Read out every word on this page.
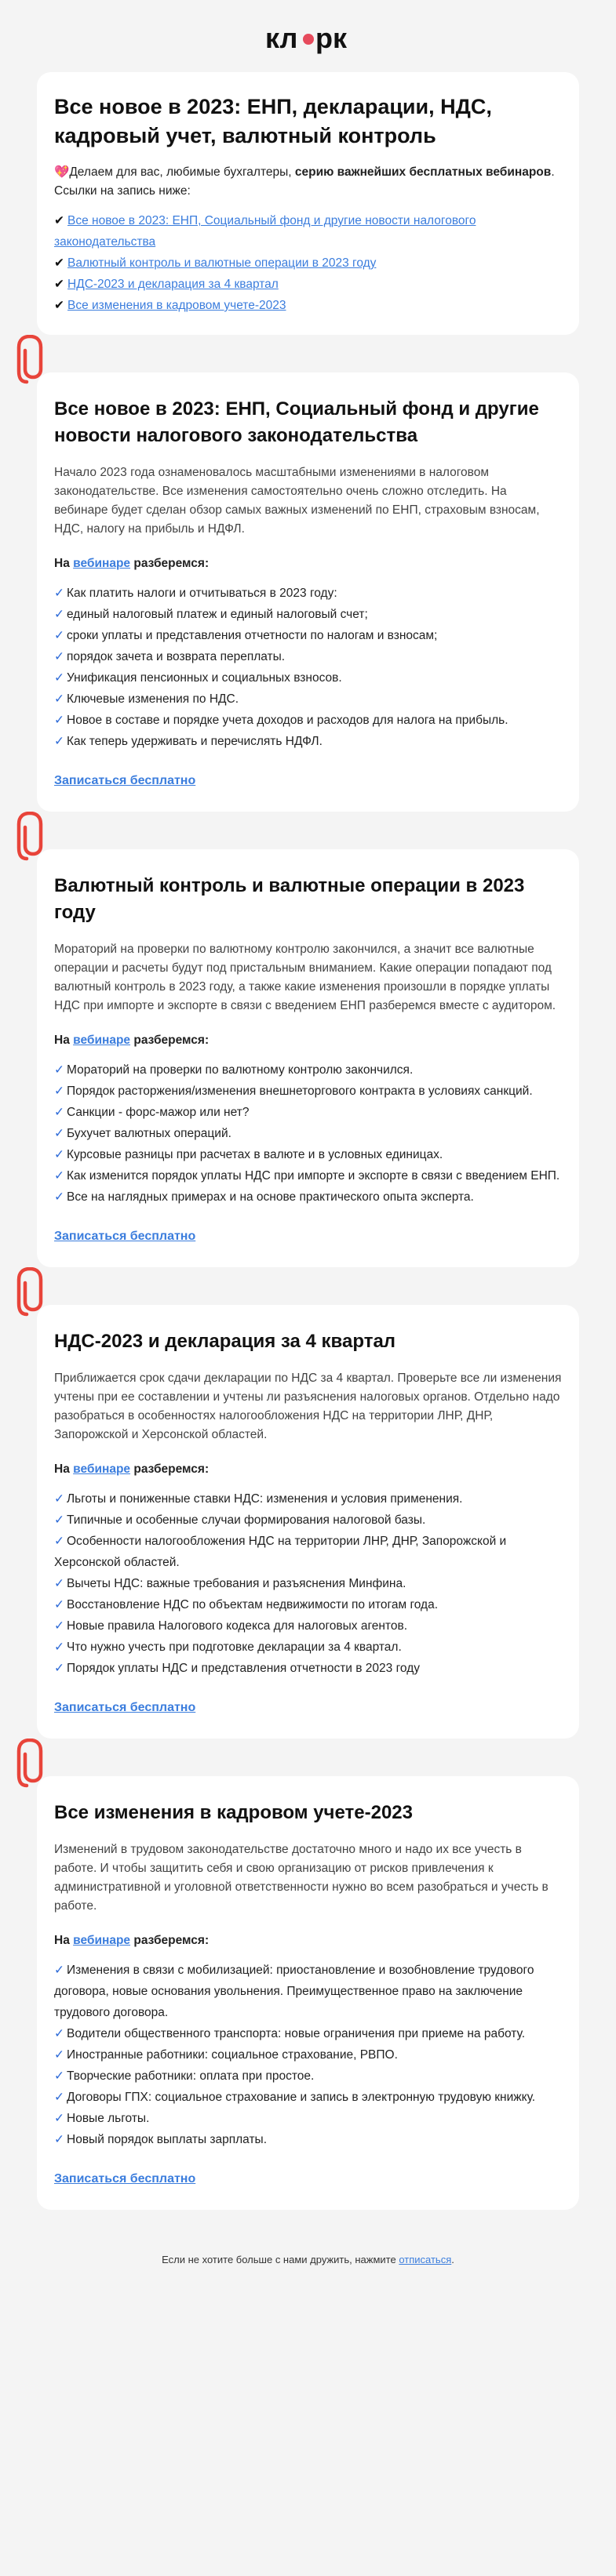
кл рк
Все новое в 2023: ЕНП, декларации, НДС, кадровый учет, валютный контроль

💖Делаем для вас, любимые бухгалтеры, серию важнейших бесплатных вебинаров. Ссылки на запись ниже:

✔ Все новое в 2023: ЕНП, Социальный фонд и другие новости налогового законодательства
✔ Валютный контроль и валютные операции в 2023 году
✔ НДС-2023 и декларация за 4 квартал
✔ Все изменения в кадровом учете-2023
Все новое в 2023: ЕНП, Социальный фонд и другие новости налогового законодательства

Начало 2023 года ознаменовалось масштабными изменениями в налоговом законодательстве. Все изменения самостоятельно очень сложно отследить. На вебинаре будет сделан обзор самых важных изменений по ЕНП, страховым взносам, НДС, налогу на прибыль и НДФЛ.

На вебинаре разберемся:
✓ Как платить налоги и отчитываться в 2023 году:
✓ единый налоговый платеж и единый налоговый счет;
✓ сроки уплаты и представления отчетности по налогам и взносам;
✓ порядок зачета и возврата переплаты.
✓ Унификация пенсионных и социальных взносов.
✓ Ключевые изменения по НДС.
✓ Новое в составе и порядке учета доходов и расходов для налога на прибыль.
✓ Как теперь удерживать и перечислять НДФЛ.
Записаться бесплатно
Валютный контроль и валютные операции в 2023 году

Мораторий на проверки по валютному контролю закончился, а значит все валютные операции и расчеты будут под пристальным вниманием. Какие операции попадают под валютный контроль в 2023 году, а также какие изменения произошли в порядке уплаты НДС при импорте и экспорте в связи с введением ЕНП разберемся вместе с аудитором.

На вебинаре разберемся:
✓ Мораторий на проверки по валютному контролю закончился.
✓ Порядок расторжения/изменения внешнеторгового контракта в условиях санкций.
✓ Санкции - форс-мажор или нет?
✓ Бухучет валютных операций.
✓ Курсовые разницы при расчетах в валюте и в условных единицах.
✓ Как изменится порядок уплаты НДС при импорте и экспорте в связи с введением ЕНП.
✓ Все на наглядных примерах и на основе практического опыта эксперта.
Записаться бесплатно
НДС-2023 и декларация за 4 квартал

Приближается срок сдачи декларации по НДС за 4 квартал. Проверьте все ли изменения учтены при ее составлении и учтены ли разъяснения налоговых органов. Отдельно надо разобраться в особенностях налогообложения НДС на территории ЛНР, ДНР, Запорожской и Херсонской областей.

На вебинаре разберемся:
✓ Льготы и пониженные ставки НДС: изменения и условия применения.
✓ Типичные и особенные случаи формирования налоговой базы.
✓ Особенности налогообложения НДС на территории ЛНР, ДНР, Запорожской и Херсонской областей.
✓ Вычеты НДС: важные требования и разъяснения Минфина.
✓ Восстановление НДС по объектам недвижимости по итогам года.
✓ Новые правила Налогового кодекса для налоговых агентов.
✓ Что нужно учесть при подготовке декларации за 4 квартал.
✓ Порядок уплаты НДС и представления отчетности в 2023 году
Записаться бесплатно
Все изменения в кадровом учете-2023

Изменений в трудовом законодательстве достаточно много и надо их все учесть в работе. И чтобы защитить себя и свою организацию от рисков привлечения к административной и уголовной ответственности нужно во всем разобраться и учесть в работе.

На вебинаре разберемся:
✓ Изменения в связи с мобилизацией: приостановление и возобновление трудового договора, новые основания увольнения. Преимущественное право на заключение трудового договора.
✓ Водители общественного транспорта: новые ограничения при приеме на работу.
✓ Иностранные работники: социальное страхование, РВПО.
✓ Творческие работники: оплата при простое.
✓ Договоры ГПХ: социальное страхование и запись в электронную трудовую книжку.
✓ Новые льготы.
✓ Новый порядок выплаты зарплаты.
Записаться бесплатно
Если не хотите больше с нами дружить, нажмите отписаться.
